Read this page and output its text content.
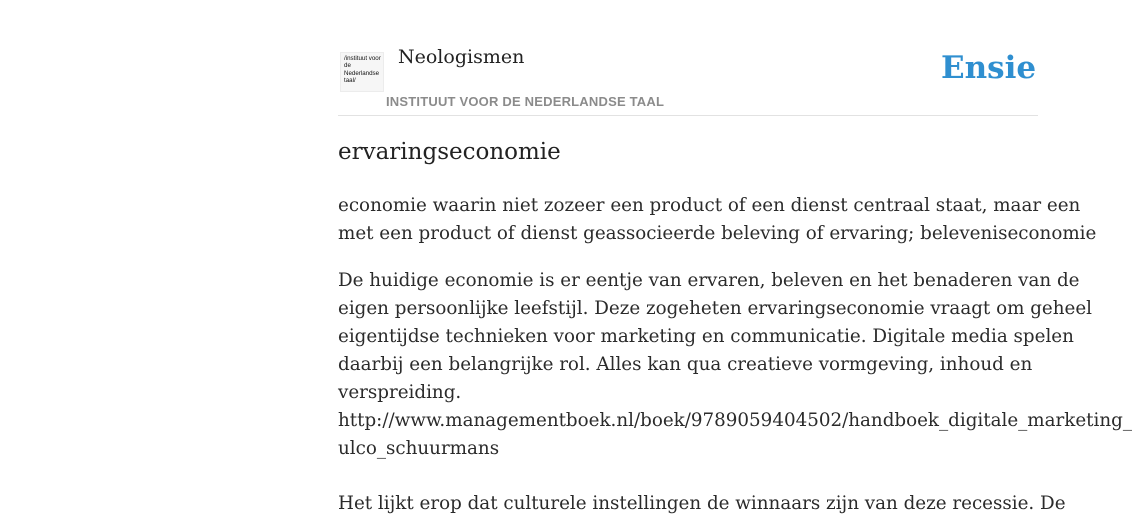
/instituut voor de Nederlandse taal/
Neologismen
INSTITUUT VOOR DE NEDERLANDSE TAAL
Ensie
ervaringseconomie

economie waarin niet zozeer een product of een dienst centraal staat, maar een
met een product of dienst geassocieerde beleving of ervaring; beleveniseconomie

De huidige economie is er eentje van ervaren, beleven en het benaderen van de
eigen persoonlijke leefstijl. Deze zogeheten ervaringseconomie vraagt om geheel
eigentijdse technieken voor marketing en communicatie. Digitale media spelen
daarbij een belangrijke rol. Alles kan qua creatieve vormgeving, inhoud en
verspreiding.
http://www.managementboek.nl/boek/9789059404502/handboek_digitale_marketing_
ulco_schuurmans

Het lijkt erop dat culturele instellingen de winnaars zijn van deze recessie. De
